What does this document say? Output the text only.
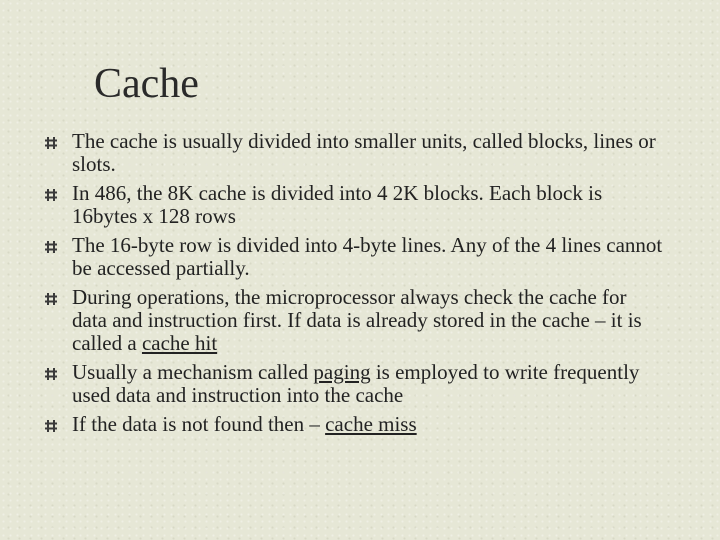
Cache
The cache is usually divided into smaller units, called blocks, lines or slots.
In 486, the 8K cache is divided into 4 2K blocks. Each block is 16bytes x 128 rows
The 16-byte row is divided into 4-byte lines. Any of the 4 lines cannot be accessed partially.
During operations, the microprocessor always check the cache for data and instruction first. If data is already stored in the cache – it is called a cache hit
Usually a mechanism called paging is employed to write frequently used data and instruction into the cache
If the data is not found then – cache miss
